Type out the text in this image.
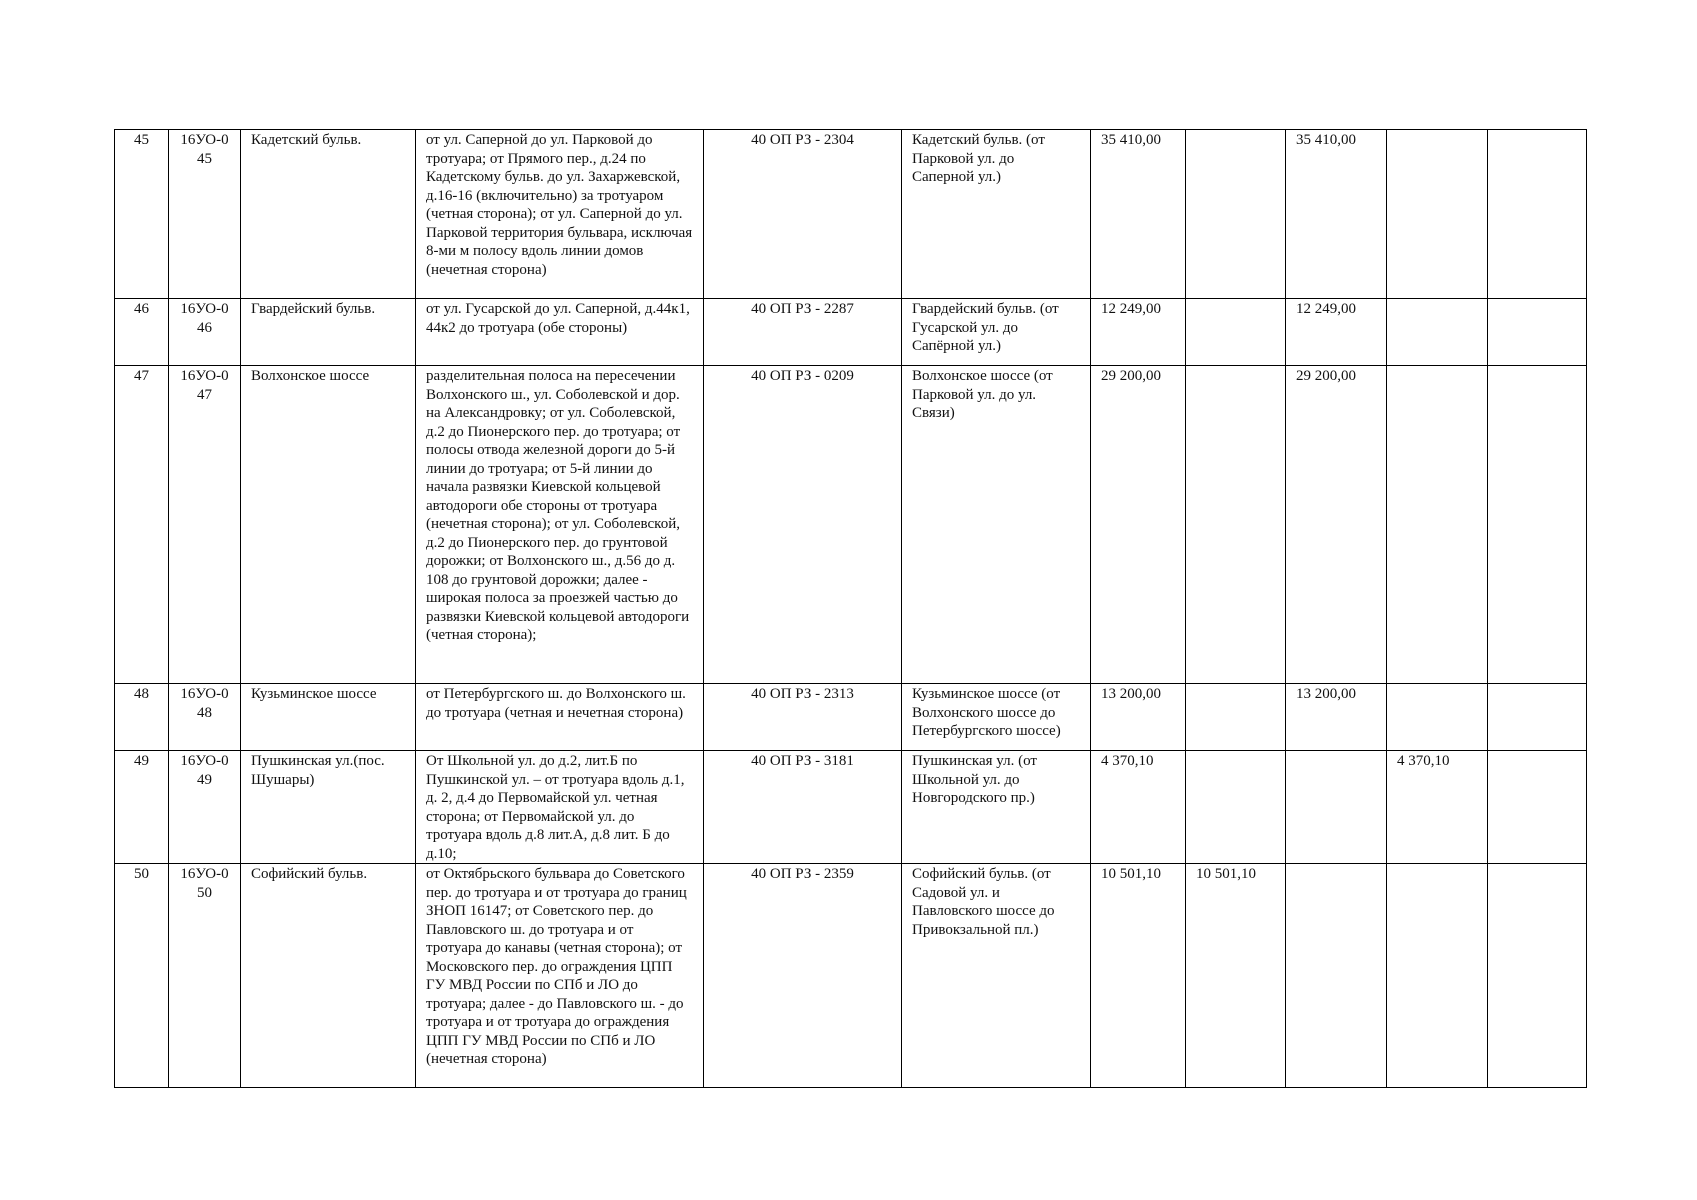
45	16УО-045	Кадетский бульв.	от ул. Саперной до ул. Парковой до тротуара; от Прямого пер., д.24 по Кадетскому бульв. до ул. Захаржевской, д.16-16 (включительно) за тротуаром (четная сторона); от ул. Саперной до ул. Парковой территория бульвара, исключая 8-ми м полосу вдоль линии домов (нечетная сторона)	40 ОП РЗ - 2304	Кадетский бульв. (от Парковой ул. до Саперной ул.)	35 410,00		35 410,00		
46	16УО-046	Гвардейский бульв.	от ул. Гусарской до ул. Саперной, д.44к1, 44к2 до тротуара (обе стороны)	40 ОП РЗ - 2287	Гвардейский бульв. (от Гусарской ул. до Сапёрной ул.)	12 249,00		12 249,00		
47	16УО-047	Волхонское шоссе	разделительная полоса на пересечении Волхонского ш., ул. Соболевской и дор. на Александровку; от ул. Соболевской, д.2 до Пионерского пер. до тротуара; от полосы отвода железной дороги до 5-й линии до тротуара; от 5-й линии до начала развязки Киевской кольцевой автодороги обе стороны от тротуара (нечетная сторона); от ул. Соболевской, д.2 до Пионерского пер. до грунтовой дорожки; от Волхонского ш., д.56 до д. 108 до грунтовой дорожки; далее - широкая полоса за проезжей частью до развязки Киевской кольцевой автодороги (четная сторона);	40 ОП РЗ - 0209	Волхонское шоссе (от Парковой ул. до ул. Связи)	29 200,00		29 200,00		
48	16УО-048	Кузьминское шоссе	от Петербургского ш. до Волхонского ш. до тротуара (четная и нечетная сторона)	40 ОП РЗ - 2313	Кузьминское шоссе (от Волхонского шоссе до Петербургского шоссе)	13 200,00		13 200,00		
49	16УО-049	Пушкинская ул.(пос. Шушары)	От Школьной ул. до д.2, лит.Б по Пушкинской ул. – от тротуара вдоль д.1, д. 2, д.4 до Первомайской ул. четная сторона; от Первомайской ул. до тротуара вдоль д.8 лит.А, д.8 лит. Б до д.10;	40 ОП РЗ - 3181	Пушкинская ул. (от Школьной ул. до Новгородского пр.)	4 370,10			4 370,10	
50	16УО-050	Софийский бульв.	от Октябрьского бульвара до Советского пер. до тротуара и от тротуара до границ ЗНОП 16147; от Советского пер. до Павловского ш. до тротуара и от тротуара до канавы (четная сторона); от Московского пер. до ограждения ЦПП ГУ МВД России по СПб и ЛО до тротуара; далее - до Павловского ш. - до тротуара и от тротуара до ограждения ЦПП ГУ МВД России по СПб и ЛО (нечетная сторона)	40 ОП РЗ - 2359	Софийский бульв. (от Садовой ул. и Павловского шоссе до Привокзальной пл.)	10 501,10	10 501,10			
